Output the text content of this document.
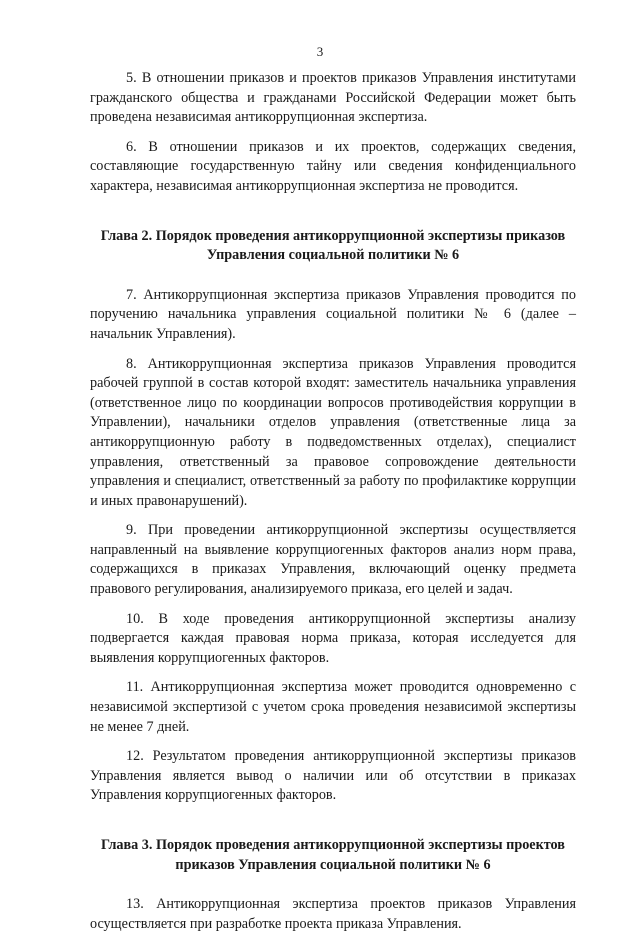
3

5. В отношении приказов и проектов приказов Управления институтами гражданского общества и гражданами Российской Федерации может быть проведена независимая антикоррупционная экспертиза.

6. В отношении приказов и их проектов, содержащих сведения, составляющие государственную тайну или сведения конфиденциального характера, независимая антикоррупционная экспертиза не проводится.

Глава 2. Порядок проведения антикоррупционной экспертизы приказов Управления социальной политики № 6

7. Антикоррупционная экспертиза приказов Управления проводится по поручению начальника управления социальной политики № 6 (далее – начальник Управления).

8. Антикоррупционная экспертиза приказов Управления проводится рабочей группой в состав которой входят: заместитель начальника управления (ответственное лицо по координации вопросов противодействия коррупции в Управлении), начальники отделов управления (ответственные лица за антикоррупционную работу в подведомственных отделах), специалист управления, ответственный за правовое сопровождение деятельности управления и специалист, ответственный за работу по профилактике коррупции и иных правонарушений).

9. При проведении антикоррупционной экспертизы осуществляется направленный на выявление коррупциогенных факторов анализ норм права, содержащихся в приказах Управления, включающий оценку предмета правового регулирования, анализируемого приказа, его целей и задач.

10. В ходе проведения антикоррупционной экспертизы анализу подвергается каждая правовая норма приказа, которая исследуется для выявления коррупциогенных факторов.

11. Антикоррупционная экспертиза может проводится одновременно с независимой экспертизой с учетом срока проведения независимой экспертизы не менее 7 дней.

12. Результатом проведения антикоррупционной экспертизы приказов Управления является вывод о наличии или об отсутствии в приказах Управления коррупциогенных факторов.

Глава 3. Порядок проведения антикоррупционной экспертизы проектов приказов Управления социальной политики № 6

13. Антикоррупционная экспертиза проектов приказов Управления осуществляется при разработке проекта приказа Управления.
